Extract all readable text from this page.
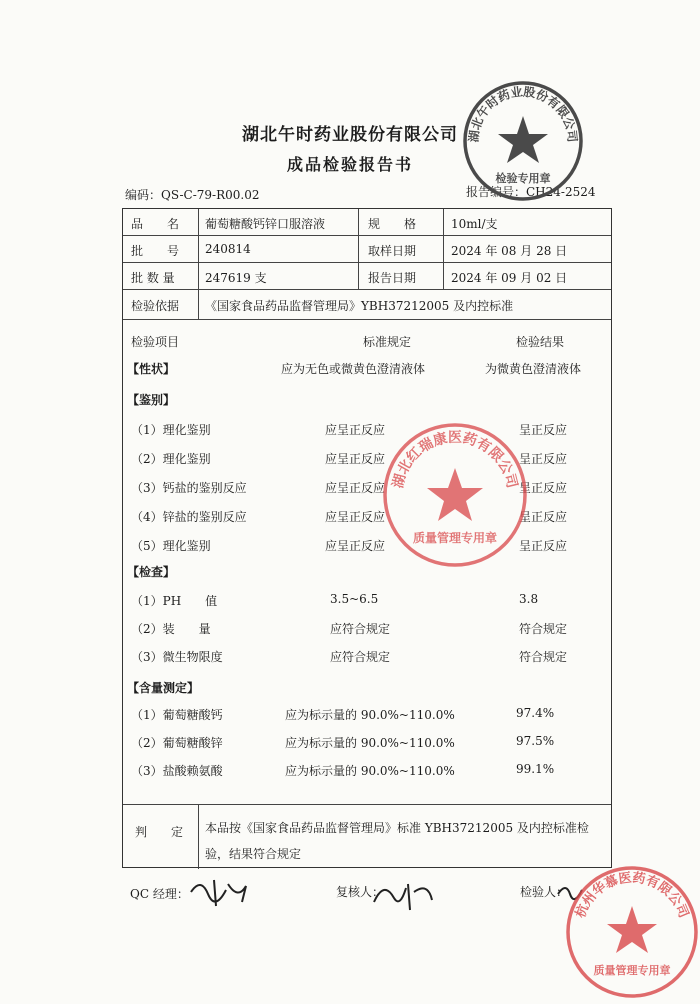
湖北午时药业股份有限公司
成品检验报告书
编码：QS-C-79-R00.02	报告编号：CH24-2524
品　　名 葡萄糖酸钙锌口服溶液	规　　格	10ml/支
批　　号 240814	取样日期	2024 年 08 月 28 日
批 数 量	247619 支	报告日期	2024 年 09 月 02 日
检验依据 《国家食品药品监督管理局》YBH37212005 及内控标准
检验项目	标准规定	检验结果
【性状】	应为无色或微黄色澄清液体	为微黄色澄清液体
【鉴别】
（1）理化鉴别	应呈正反应	呈正反应
（2）理化鉴别	应呈正反应	呈正反应
（3）钙盐的鉴别反应	应呈正反应	呈正反应
（4）锌盐的鉴别反应	应呈正反应	呈正反应
（5）理化鉴别	应呈正反应	呈正反应
【检查】
（1）PH　　值	3.5~6.5	3.8
（2）装　　量	应符合规定	符合规定
（3）微生物限度	应符合规定	符合规定
【含量测定】
（1）葡萄糖酸钙	应为标示量的 90.0%~110.0%	97.4%
（2）葡萄糖酸锌	应为标示量的 90.0%~110.0%	97.5%
（3）盐酸赖氨酸	应为标示量的 90.0%~110.0%	99.1%
判　　定 本品按《国家食品药品监督管理局》标准 YBH37212005 及内控标准检
验，结果符合规定
QC 经理：	复核人：	检验人：
湖北午时药业股份有限公司
检验专用章
湖北红瑞康医药有限公司
质量管理专用章
杭州华慕医药有限公司
质量管理专用章
